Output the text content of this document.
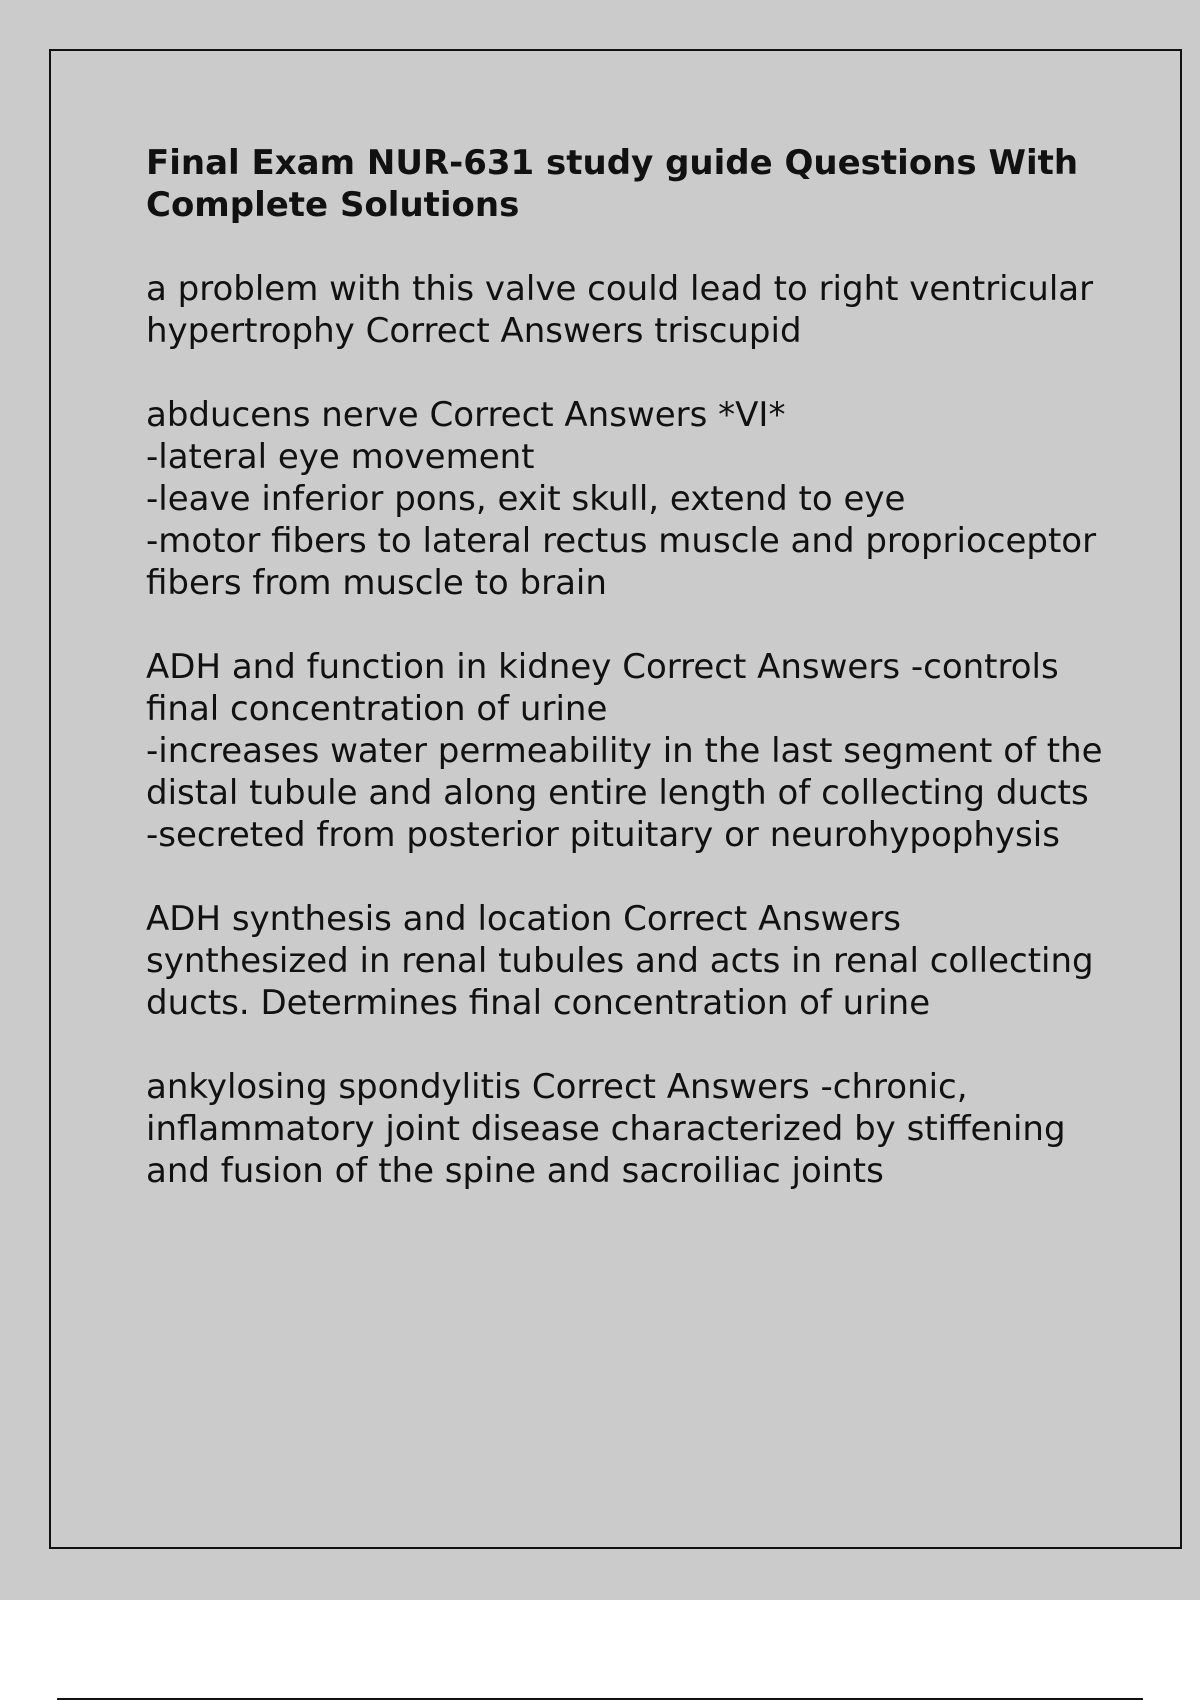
Final Exam NUR-631 study guide Questions With Complete Solutions
a problem with this valve could lead to right ventricular hypertrophy Correct Answers triscupid
abducens nerve Correct Answers *VI*
-lateral eye movement
-leave inferior pons, exit skull, extend to eye
-motor fibers to lateral rectus muscle and proprioceptor fibers from muscle to brain
ADH and function in kidney Correct Answers -controls final concentration of urine
-increases water permeability in the last segment of the distal tubule and along entire length of collecting ducts
-secreted from posterior pituitary or neurohypophysis
ADH synthesis and location Correct Answers synthesized in renal tubules and acts in renal collecting ducts. Determines final concentration of urine
ankylosing spondylitis Correct Answers -chronic, inflammatory joint disease characterized by stiffening and fusion of the spine and sacroiliac joints
